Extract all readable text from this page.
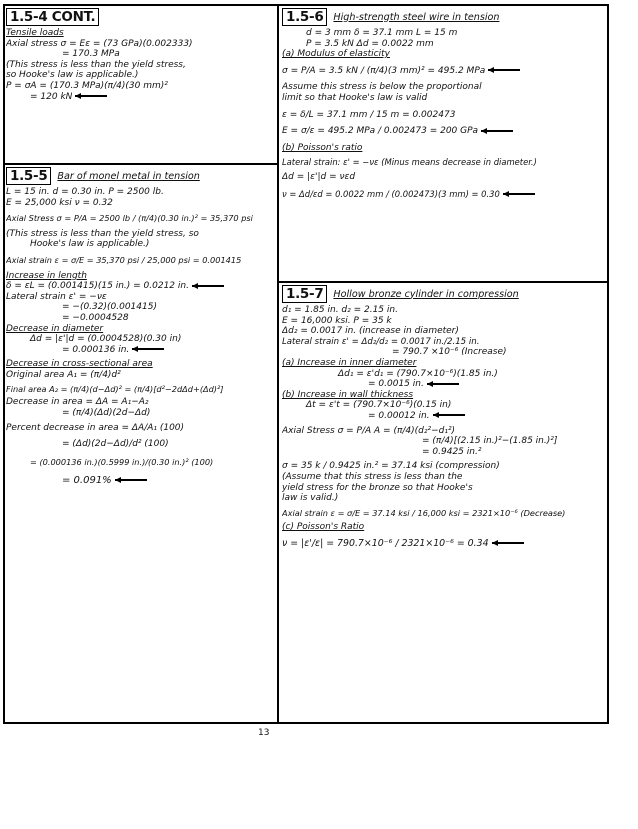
1.5-4 CONT.
Tensile loads
Axial stress σ = Eε = (73 GPa)(0.002333)
= 170.3 MPa
(This stress is less than the yield stress,
so Hooke's law is applicable.)
P = σA = (170.3 MPa)(π/4)(30 mm)²
= 120 kN
1.5-5	Bar of monel metal in tension
L = 15 in. d = 0.30 in. P = 2500 lb.
E = 25,000 ksi ν = 0.32
Axial Stress σ = P/A = 2500 lb / (π/4)(0.30 in.)² = 35,370 psi
(This stress is less than the yield stress, so
Hooke's law is applicable.)
Axial strain ε = σ/E = 35,370 psi / 25,000 psi = 0.001415
Increase in length
δ = εL = (0.001415)(15 in.) = 0.0212 in.
Lateral strain ε' = −νε
= −(0.32)(0.001415)
= −0.0004528
Decrease in diameter
Δd = |ε'|d = (0.0004528)(0.30 in)
= 0.000136 in.
Decrease in cross-sectional area
Original area A₁ = (π/4)d²
Final area A₂ = (π/4)(d−Δd)² = (π/4)[d²−2dΔd+(Δd)²]
Decrease in area = ΔA = A₁−A₂
= (π/4)(Δd)(2d−Δd)
Percent decrease in area = ΔA/A₁ (100)
= (Δd)(2d−Δd)/d² (100)
= (0.000136 in.)(0.5999 in.)/(0.30 in.)² (100)
= 0.091%
1.5-6	High-strength steel wire in tension
d = 3 mm δ = 37.1 mm L = 15 m
P = 3.5 kN Δd = 0.0022 mm
(a) Modulus of elasticity
σ = P/A = 3.5 kN / (π/4)(3 mm)² = 495.2 MPa
Assume this stress is below the proportional
limit so that Hooke's law is valid
ε = δ/L = 37.1 mm / 15 m = 0.002473
E = σ/ε = 495.2 MPa / 0.002473 = 200 GPa
(b) Poisson's ratio
Lateral strain: ε' = −νε (Minus means decrease in diameter.)
Δd = |ε'|d = νεd
ν = Δd/εd = 0.0022 mm / (0.002473)(3 mm) = 0.30
1.5-7	Hollow bronze cylinder in compression
d₁ = 1.85 in. d₂ = 2.15 in.
E = 16,000 ksi. P = 35 k
Δd₂ = 0.0017 in. (increase in diameter)
Lateral strain ε' = Δd₂/d₂ = 0.0017 in./2.15 in.
= 790.7 ×10⁻⁶ (Increase)
(a) Increase in inner diameter
Δd₁ = ε'd₁ = (790.7×10⁻⁶)(1.85 in.)
= 0.0015 in.
(b) Increase in wall thickness
Δt = ε't = (790.7×10⁻⁶)(0.15 in)
= 0.00012 in.
Axial Stress σ = P/A A = (π/4)(d₂²−d₁²)
= (π/4)[(2.15 in.)²−(1.85 in.)²]
= 0.9425 in.²
σ = 35 k / 0.9425 in.² = 37.14 ksi (compression)
(Assume that this stress is less than the
yield stress for the bronze so that Hooke's
law is valid.)
Axial strain ε = σ/E = 37.14 ksi / 16,000 ksi = 2321×10⁻⁶ (Decrease)
(c) Poisson's Ratio
ν = |ε'/ε| = 790.7×10⁻⁶ / 2321×10⁻⁶ = 0.34
13
